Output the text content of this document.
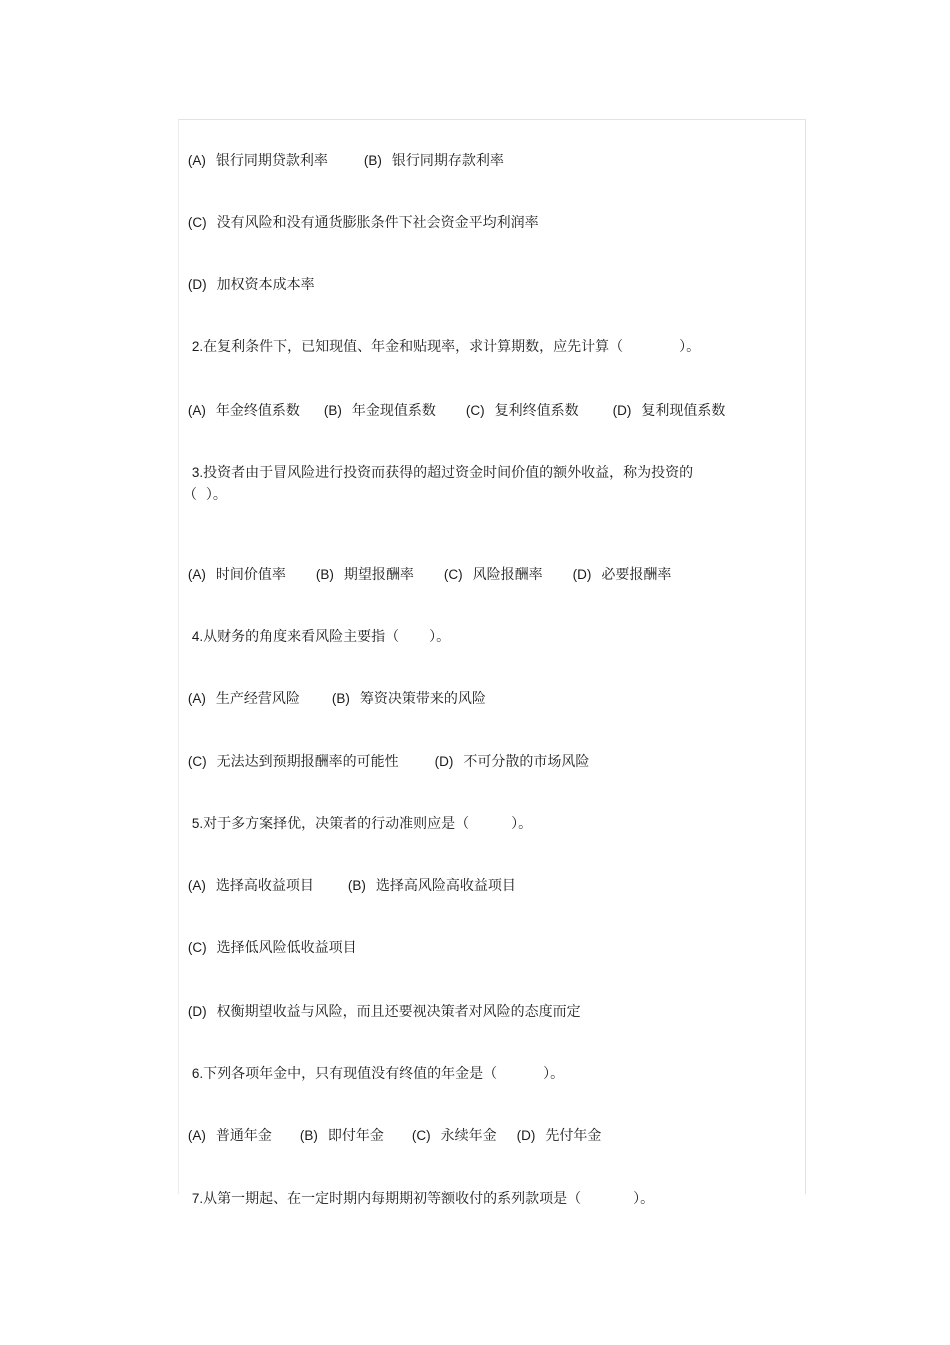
(A) 银行同期贷款利率	(B) 银行同期存款利率

(C) 没有风险和没有通货膨胀条件下社会资金平均利润率

(D) 加权资本成本率

2.在复利条件下，已知现值、年金和贴现率，求计算期数，应先计算（	）。

(A) 年金终值系数 (B) 年金现值系数 (C) 复利终值系数	(D) 复利现值系数

3.投资者由于冒风险进行投资而获得的超过资金时间价值的额外收益，称为投资的

（  ）。

(A) 时间价值率 (B) 期望报酬率 (C) 风险报酬率 (D) 必要报酬率

4.从财务的角度来看风险主要指（ ）。

(A) 生产经营风险 (B) 筹资决策带来的风险

(C) 无法达到预期报酬率的可能性	(D) 不可分散的市场风险

5.对于多方案择优，决策者的行动准则应是（	）。

(A) 选择高收益项目	(B) 选择高风险高收益项目

(C) 选择低风险低收益项目

(D) 权衡期望收益与风险，而且还要视决策者对风险的态度而定

6.下列各项年金中，只有现值没有终值的年金是（	）。

(A) 普通年金 (B) 即付年金 (C) 永续年金 (D) 先付年金

7.从第一期起、在一定时期内每期期初等额收付的系列款项是（	）。
